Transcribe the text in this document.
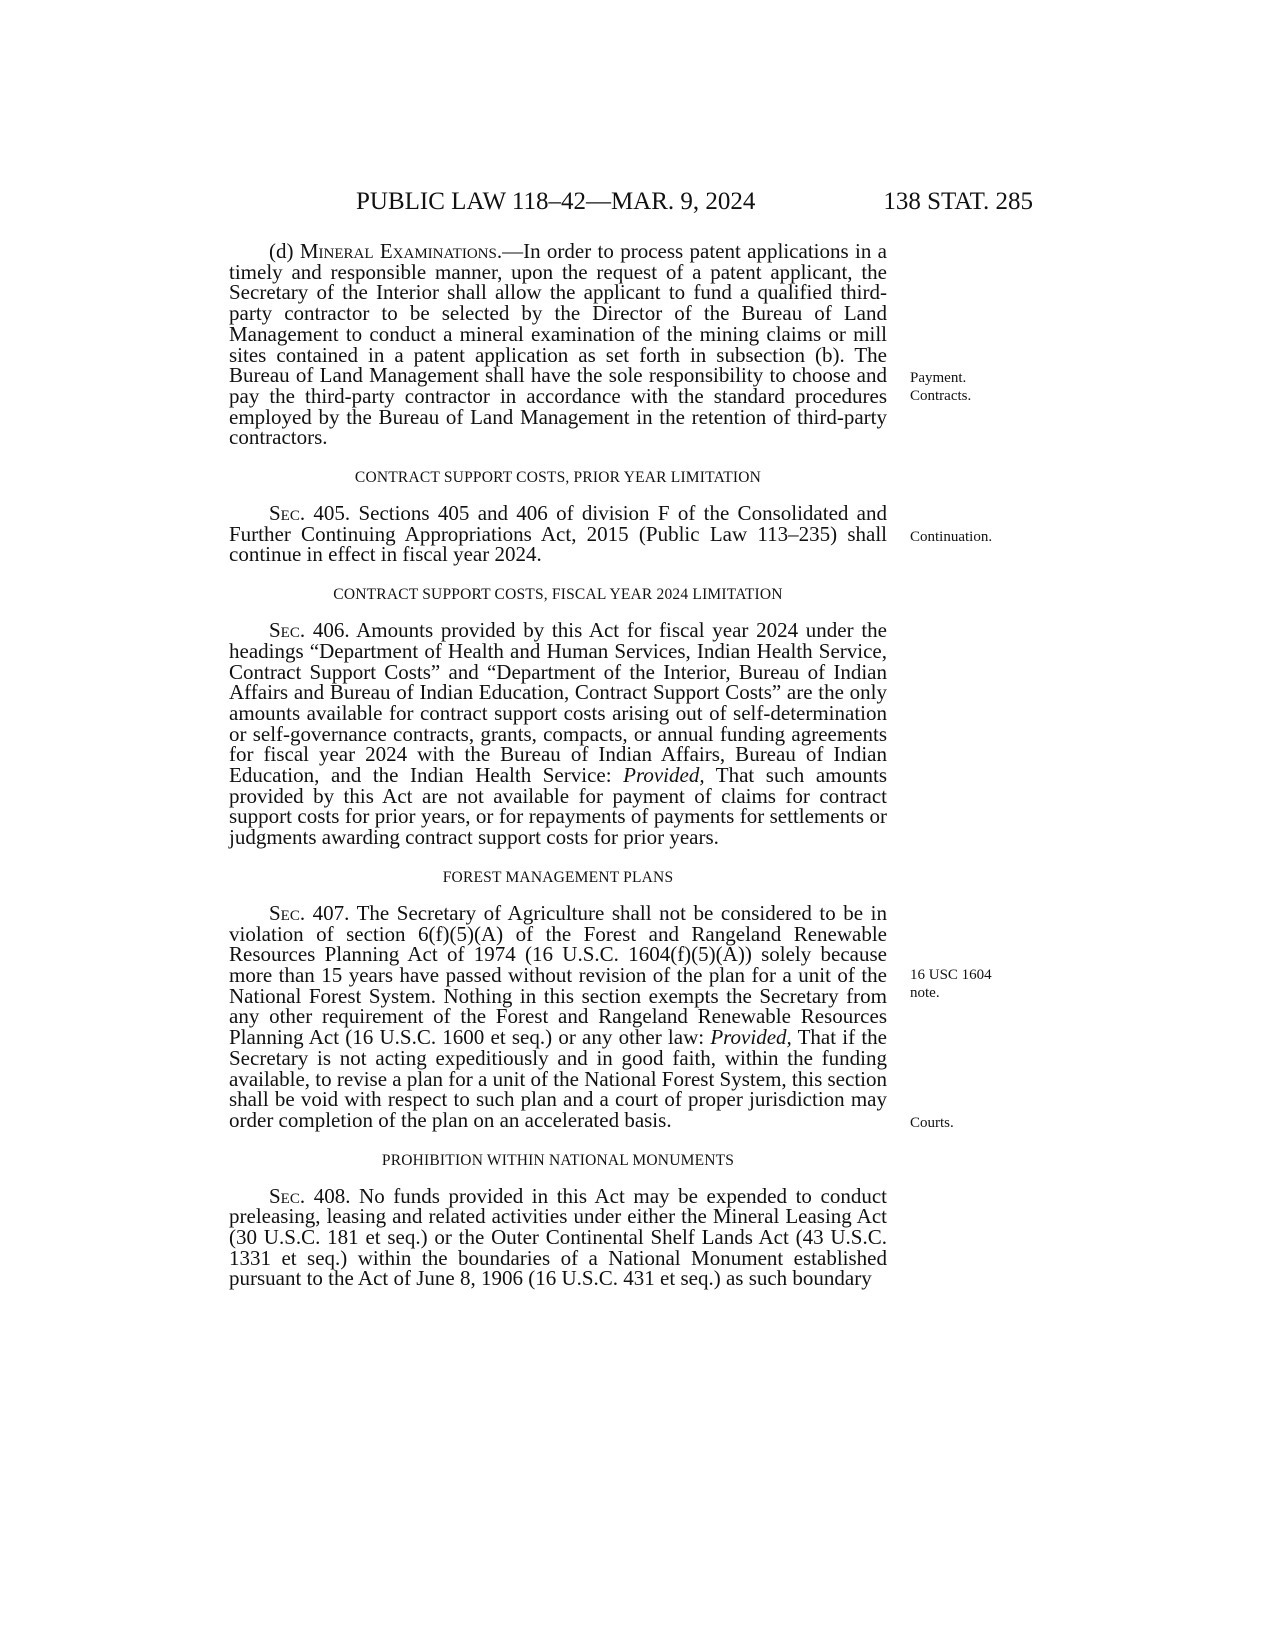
PUBLIC LAW 118–42—MAR. 9, 2024	138 STAT. 285

(d) Mineral Examinations.—In order to process patent applications in a timely and responsible manner, upon the request of a patent applicant, the Secretary of the Interior shall allow the applicant to fund a qualified third-party contractor to be selected by the Director of the Bureau of Land Management to conduct a mineral examination of the mining claims or mill sites contained in a patent application as set forth in subsection (b). The Bureau of Land Management shall have the sole responsibility to choose and pay the third-party contractor in accordance with the standard procedures employed by the Bureau of Land Management in the retention of third-party contractors.

CONTRACT SUPPORT COSTS, PRIOR YEAR LIMITATION

Sec. 405. Sections 405 and 406 of division F of the Consolidated and Further Continuing Appropriations Act, 2015 (Public Law 113–235) shall continue in effect in fiscal year 2024.

CONTRACT SUPPORT COSTS, FISCAL YEAR 2024 LIMITATION

Sec. 406. Amounts provided by this Act for fiscal year 2024 under the headings “Department of Health and Human Services, Indian Health Service, Contract Support Costs” and “Department of the Interior, Bureau of Indian Affairs and Bureau of Indian Education, Contract Support Costs” are the only amounts available for contract support costs arising out of self-determination or self-governance contracts, grants, compacts, or annual funding agreements for fiscal year 2024 with the Bureau of Indian Affairs, Bureau of Indian Education, and the Indian Health Service: Provided, That such amounts provided by this Act are not available for payment of claims for contract support costs for prior years, or for repayments of payments for settlements or judgments awarding contract support costs for prior years.

FOREST MANAGEMENT PLANS

Sec. 407. The Secretary of Agriculture shall not be considered to be in violation of section 6(f)(5)(A) of the Forest and Rangeland Renewable Resources Planning Act of 1974 (16 U.S.C. 1604(f)(5)(A)) solely because more than 15 years have passed without revision of the plan for a unit of the National Forest System. Nothing in this section exempts the Secretary from any other requirement of the Forest and Rangeland Renewable Resources Planning Act (16 U.S.C. 1600 et seq.) or any other law: Provided, That if the Secretary is not acting expeditiously and in good faith, within the funding available, to revise a plan for a unit of the National Forest System, this section shall be void with respect to such plan and a court of proper jurisdiction may order completion of the plan on an accelerated basis.

PROHIBITION WITHIN NATIONAL MONUMENTS

Sec. 408. No funds provided in this Act may be expended to conduct preleasing, leasing and related activities under either the Mineral Leasing Act (30 U.S.C. 181 et seq.) or the Outer Continental Shelf Lands Act (43 U.S.C. 1331 et seq.) within the boundaries of a National Monument established pursuant to the Act of June 8, 1906 (16 U.S.C. 431 et seq.) as such boundary

Payment.
Contracts.
Continuation.
16 USC 1604
note.
Courts.
